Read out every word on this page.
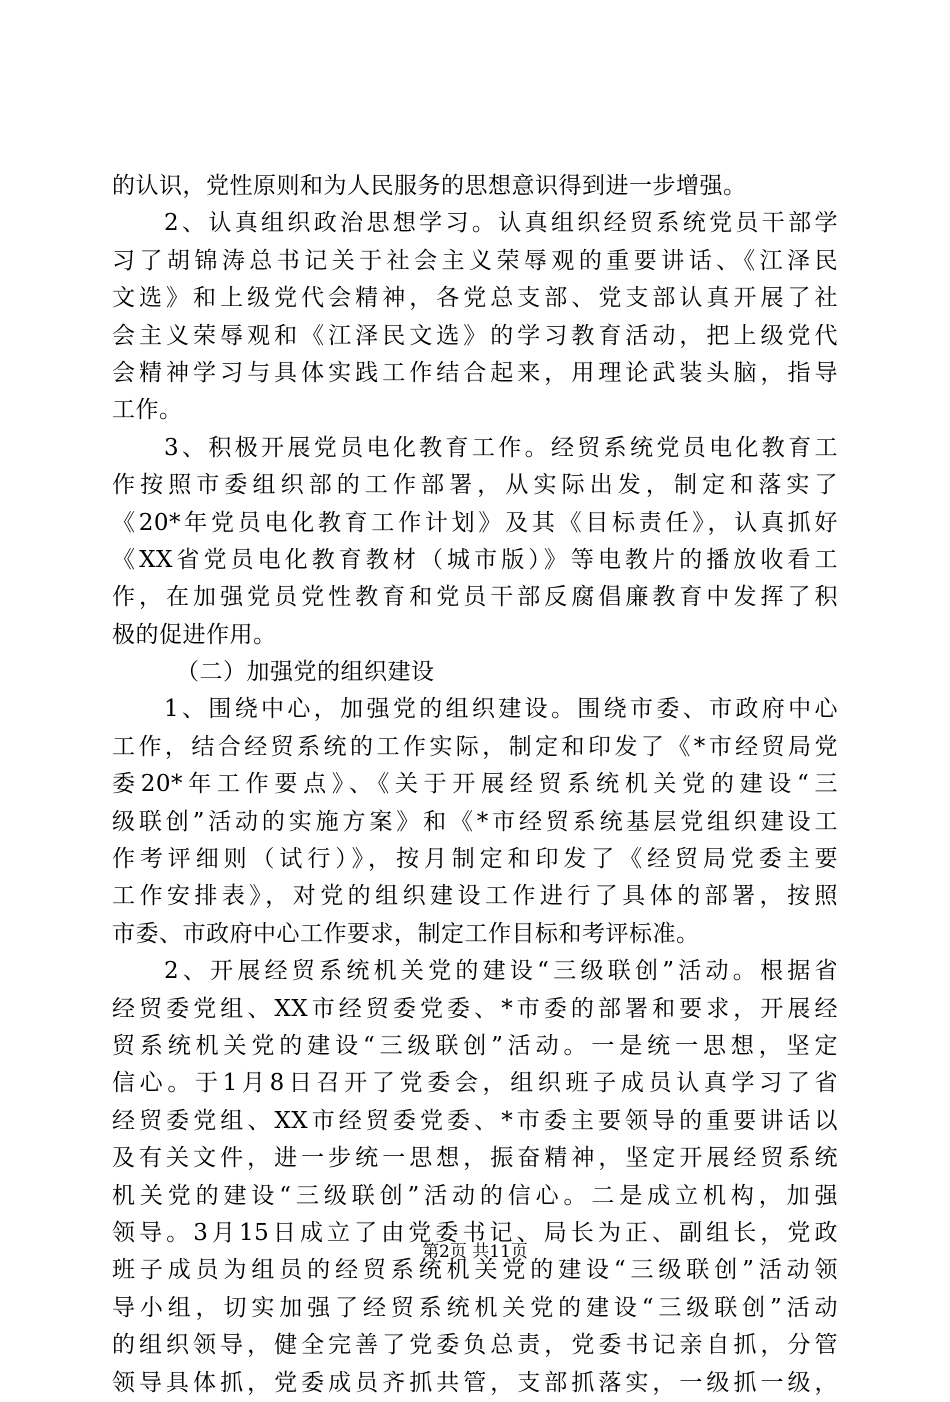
的认识，党性原则和为人民服务的思想意识得到进一步增强。
2、认真组织政治思想学习。认真组织经贸系统党员干部学
习了胡锦涛总书记关于社会主义荣辱观的重要讲话、《江泽民
文选》和上级党代会精神，各党总支部、党支部认真开展了社
会主义荣辱观和《江泽民文选》的学习教育活动，把上级党代
会精神学习与具体实践工作结合起来，用理论武装头脑，指导
工作。
3、积极开展党员电化教育工作。经贸系统党员电化教育工
作按照市委组织部的工作部署，从实际出发，制定和落实了
《20*年党员电化教育工作计划》及其《目标责任》，认真抓好
《XX省党员电化教育教材（城市版）》等电教片的播放收看工
作，在加强党员党性教育和党员干部反腐倡廉教育中发挥了积
极的促进作用。
（二）加强党的组织建设
1、围绕中心，加强党的组织建设。围绕市委、市政府中心
工作，结合经贸系统的工作实际，制定和印发了《*市经贸局党
委20*年工作要点》、《关于开展经贸系统机关党的建设“三
级联创”活动的实施方案》和《*市经贸系统基层党组织建设工
作考评细则（试行）》，按月制定和印发了《经贸局党委主要
工作安排表》，对党的组织建设工作进行了具体的部署，按照
市委、市政府中心工作要求，制定工作目标和考评标准。
2、开展经贸系统机关党的建设“三级联创”活动。根据省
经贸委党组、XX市经贸委党委、*市委的部署和要求，开展经
贸系统机关党的建设“三级联创”活动。一是统一思想，坚定
信心。于1月8日召开了党委会，组织班子成员认真学习了省
经贸委党组、XX市经贸委党委、*市委主要领导的重要讲话以
及有关文件，进一步统一思想，振奋精神，坚定开展经贸系统
机关党的建设“三级联创”活动的信心。二是成立机构，加强
领导。3月15日成立了由党委书记、局长为正、副组长，党政
班子成员为组员的经贸系统机关党的建设“三级联创”活动领
导小组，切实加强了经贸系统机关党的建设“三级联创”活动
的组织领导，健全完善了党委负总责，党委书记亲自抓，分管
领导具体抓，党委成员齐抓共管，支部抓落实，一级抓一级，
第2页 共11页
